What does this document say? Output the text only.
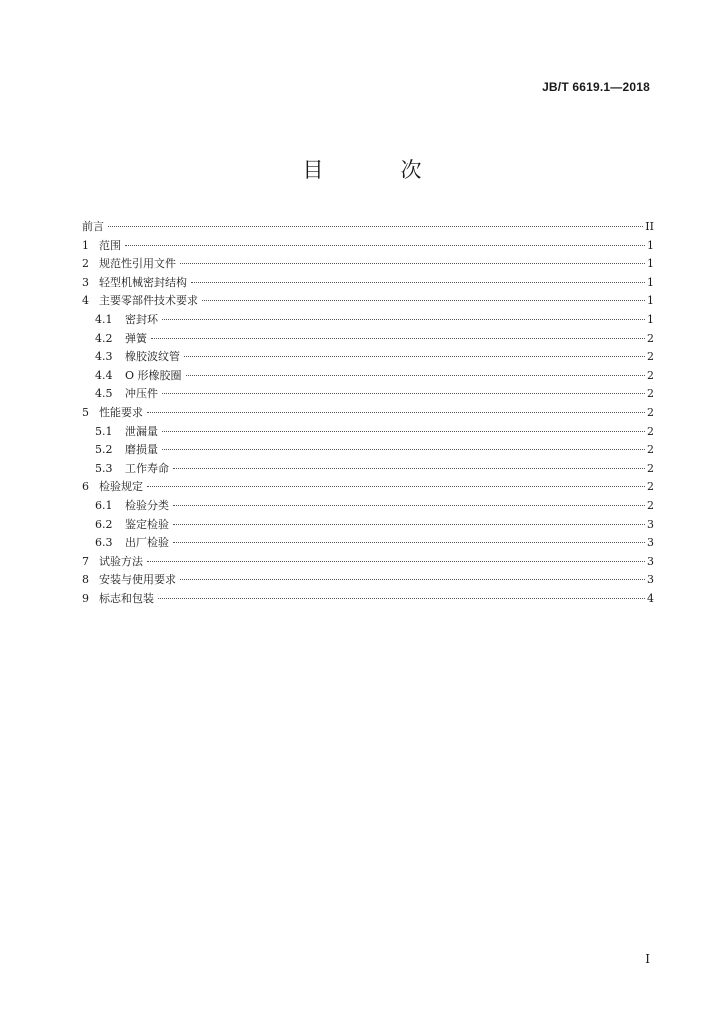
JB/T 6619.1—2018
目　次
前言	II
1 范围	1
2 规范性引用文件	1
3 轻型机械密封结构	1
4 主要零部件技术要求	1
4.1	密封环	1
4.2	弹簧	2
4.3	橡胶波纹管	2
4.4	O 形橡胶圈	2
4.5	冲压件	2
5 性能要求	2
5.1	泄漏量	2
5.2	磨损量	2
5.3	工作寿命	2
6 检验规定	2
6.1	检验分类	2
6.2	鉴定检验	3
6.3	出厂检验	3
7 试验方法	3
8 安装与使用要求	3
9 标志和包装	4
I
